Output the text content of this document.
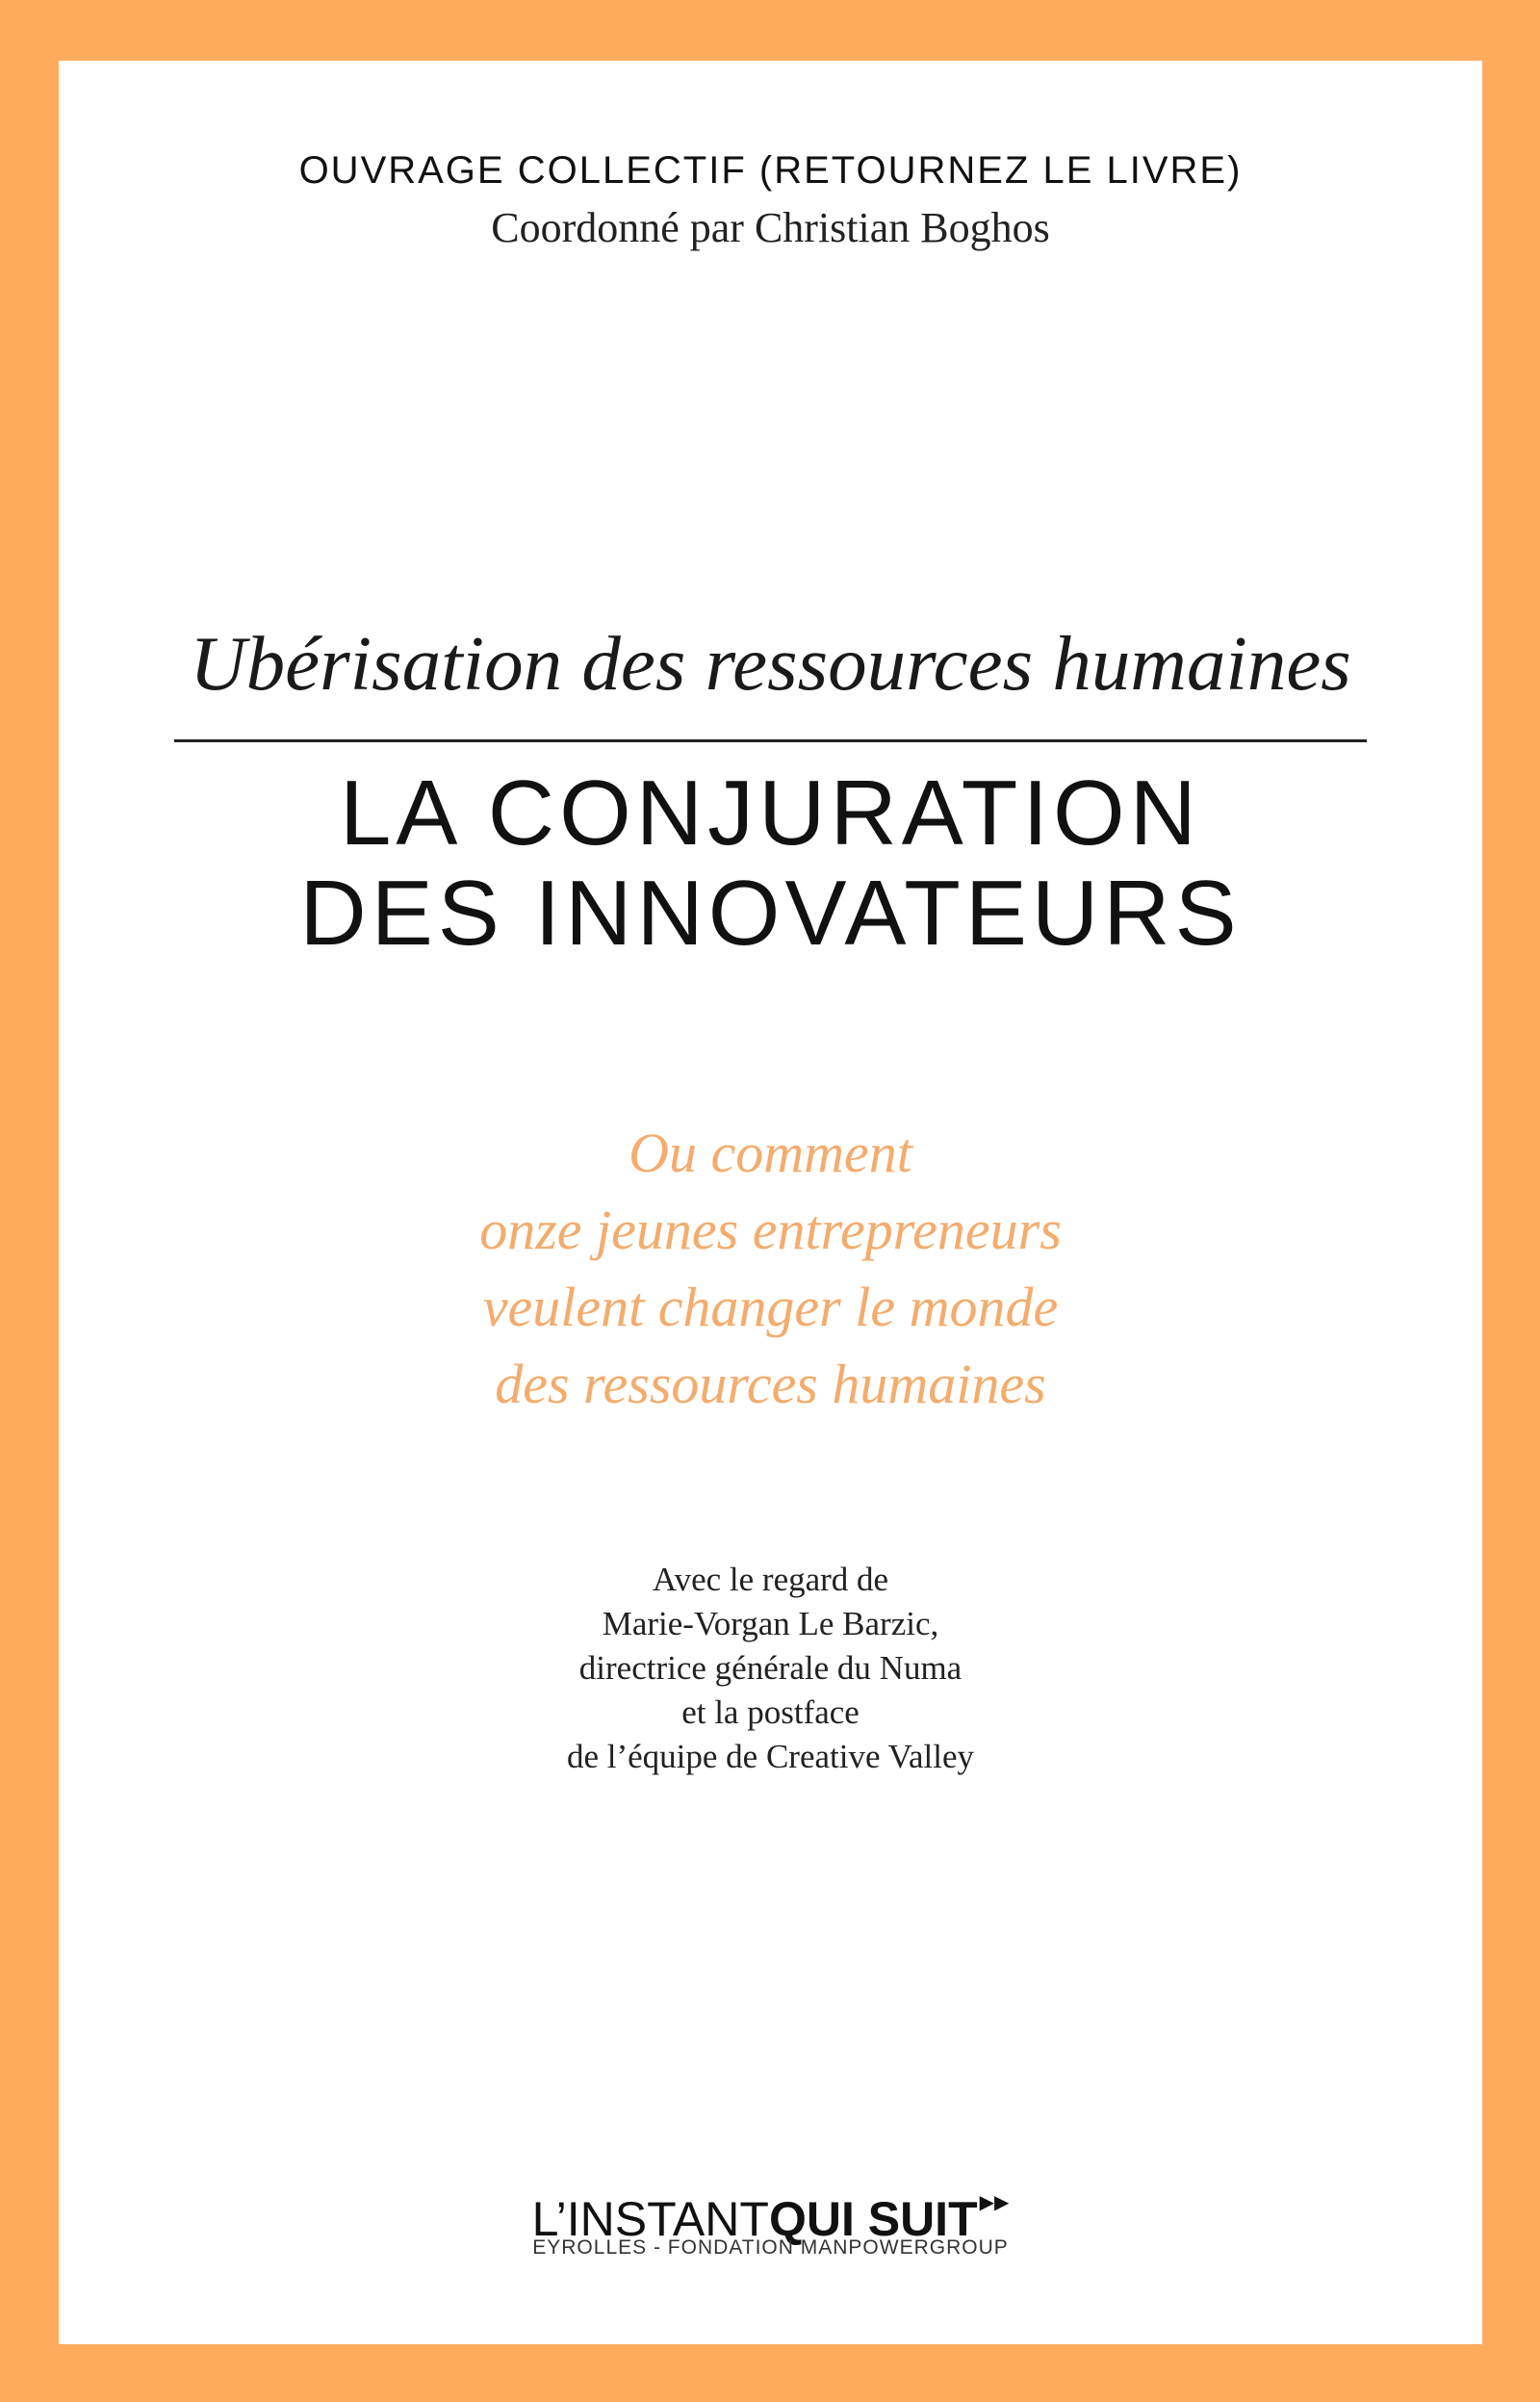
OUVRAGE COLLECTIF (RETOURNEZ LE LIVRE)
Coordonné par Christian Boghos
Ubérisation des ressources humaines
LA CONJURATION
DES INNOVATEURS
Ou comment
onze jeunes entrepreneurs
veulent changer le monde
des ressources humaines
Avec le regard de
Marie-Vorgan Le Barzic,
directrice générale du Numa
et la postface
de l’équipe de Creative Valley
L’INSTANTQUI SUIT ▶▶
EYROLLES - FONDATION MANPOWERGROUP
